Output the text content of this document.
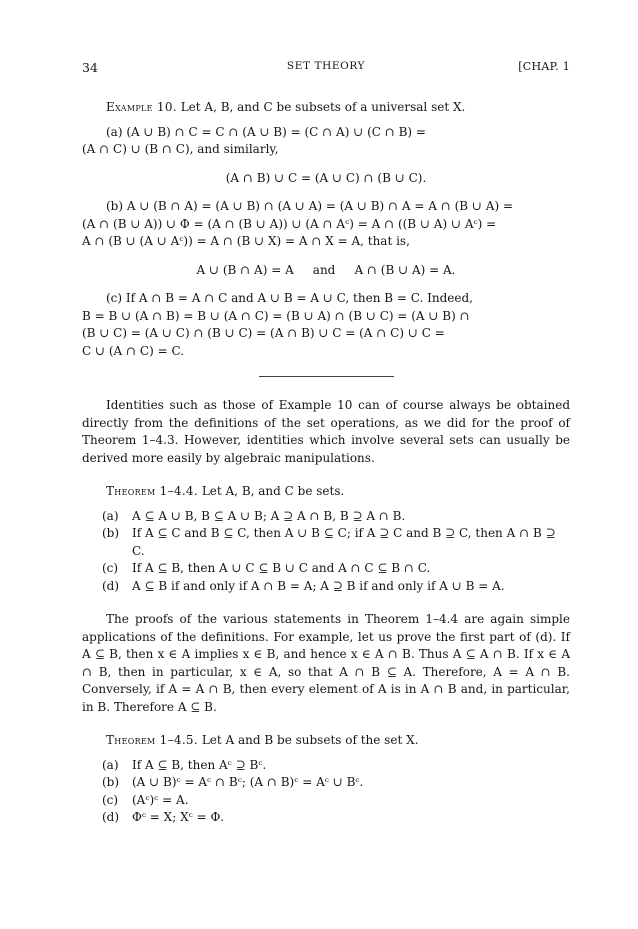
34	SET THEORY	[CHAP. 1

Example 10. Let A, B, and C be subsets of a universal set X.

(a) (A ∪ B) ∩ C = C ∩ (A ∪ B) = (C ∩ A) ∪ (C ∩ B) =

(A ∩ C) ∪ (B ∩ C), and similarly,

(A ∩ B) ∪ C = (A ∪ C) ∩ (B ∪ C).

(b) A ∪ (B ∩ A) = (A ∪ B) ∩ (A ∪ A) = (A ∪ B) ∩ A = A ∩ (B ∪ A) =

(A ∩ (B ∪ A)) ∪ Φ = (A ∩ (B ∪ A)) ∪ (A ∩ Aᶜ) = A ∩ ((B ∪ A) ∪ Aᶜ) =

A ∩ (B ∪ (A ∪ Aᶜ)) = A ∩ (B ∪ X) = A ∩ X = A, that is,

A ∪ (B ∩ A) = A     and     A ∩ (B ∪ A) = A.

(c) If A ∩ B = A ∩ C and A ∪ B = A ∪ C, then B = C. Indeed,

B = B ∪ (A ∩ B) = B ∪ (A ∩ C) = (B ∪ A) ∩ (B ∪ C) = (A ∪ B) ∩

(B ∪ C) = (A ∪ C) ∩ (B ∪ C) = (A ∩ B) ∪ C = (A ∩ C) ∪ C =

C ∪ (A ∩ C) = C.

Identities such as those of Example 10 can of course always be obtained directly from the definitions of the set operations, as we did for the proof of Theorem 1–4.3. However, identities which involve several sets can usually be derived more easily by algebraic manipulations.

Theorem 1–4.4. Let A, B, and C be sets.

(a)	A ⊆ A ∪ B, B ⊆ A ∪ B; A ⊇ A ∩ B, B ⊇ A ∩ B.
(b)	If A ⊆ C and B ⊆ C, then A ∪ B ⊆ C; if A ⊇ C and B ⊇ C, then A ∩ B ⊇ C.
(c)	If A ⊆ B, then A ∪ C ⊆ B ∪ C and A ∩ C ⊆ B ∩ C.
(d)	A ⊆ B if and only if A ∩ B = A; A ⊇ B if and only if A ∪ B = A.

The proofs of the various statements in Theorem 1–4.4 are again simple applications of the definitions. For example, let us prove the first part of (d). If A ⊆ B, then x ∈ A implies x ∈ B, and hence x ∈ A ∩ B. Thus A ⊆ A ∩ B. If x ∈ A ∩ B, then in particular, x ∈ A, so that A ∩ B ⊆ A. Therefore, A = A ∩ B. Conversely, if A = A ∩ B, then every element of A is in A ∩ B and, in particular, in B. Therefore A ⊆ B.

Theorem 1–4.5. Let A and B be subsets of the set X.

(a)	If A ⊆ B, then Aᶜ ⊇ Bᶜ.
(b)	(A ∪ B)ᶜ = Aᶜ ∩ Bᶜ; (A ∩ B)ᶜ = Aᶜ ∪ Bᶜ.
(c)	(Aᶜ)ᶜ = A.
(d)	Φᶜ = X; Xᶜ = Φ.
